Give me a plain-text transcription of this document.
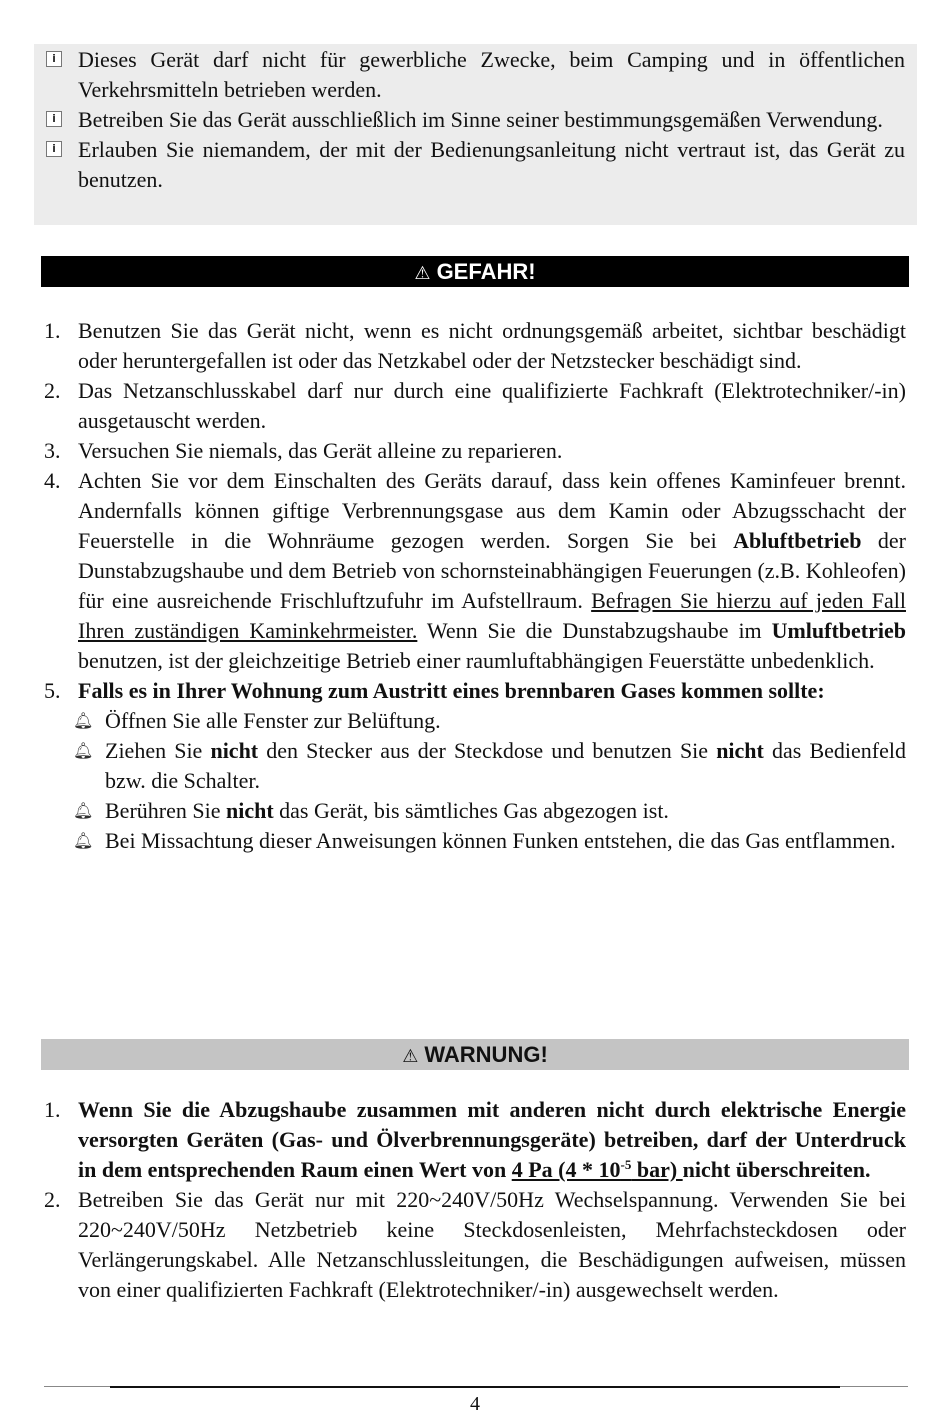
i Dieses Gerät darf nicht für gewerbliche Zwecke, beim Camping und in öffentlichen Verkehrsmitteln betrieben werden.
i Betreiben Sie das Gerät ausschließlich im Sinne seiner bestimmungsgemäßen Verwendung.
i Erlauben Sie niemandem, der mit der Bedienungsanleitung nicht vertraut ist, das Gerät zu benutzen.
⚠ GEFAHR!
1. Benutzen Sie das Gerät nicht, wenn es nicht ordnungsgemäß arbeitet, sichtbar beschädigt oder heruntergefallen ist oder das Netzkabel oder der Netzstecker beschädigt sind.
2. Das Netzanschlusskabel darf nur durch eine qualifizierte Fachkraft (Elektrotechniker/-in) ausgetauscht werden.
3. Versuchen Sie niemals, das Gerät alleine zu reparieren.
4. Achten Sie vor dem Einschalten des Geräts darauf, dass kein offenes Kaminfeuer brennt. Andernfalls können giftige Verbrennungsgase aus dem Kamin oder Abzugsschacht der Feuerstelle in die Wohnräume gezogen werden. Sorgen Sie bei Abluftbetrieb der Dunstabzugshaube und dem Betrieb von schornsteinabhängigen Feuerungen (z.B. Kohleofen) für eine ausreichende Frischluftzufuhr im Aufstellraum. Befragen Sie hierzu auf jeden Fall Ihren zuständigen Kaminkehrmeister. Wenn Sie die Dunstabzugshaube im Umluftbetrieb benutzen, ist der gleichzeitige Betrieb einer raumluftabhängigen Feuerstätte unbedenklich.
5. Falls es in Ihrer Wohnung zum Austritt eines brennbaren Gases kommen sollte:
🔔︎ Öffnen Sie alle Fenster zur Belüftung.
🔔︎ Ziehen Sie nicht den Stecker aus der Steckdose und benutzen Sie nicht das Bedienfeld bzw. die Schalter.
🔔︎ Berühren Sie nicht das Gerät, bis sämtliches Gas abgezogen ist.
🔔︎ Bei Missachtung dieser Anweisungen können Funken entstehen, die das Gas entflammen.
⚠ WARNUNG!
1. Wenn Sie die Abzugshaube zusammen mit anderen nicht durch elektrische Energie versorgten Geräten (Gas- und Ölverbrennungsgeräte) betreiben, darf der Unterdruck in dem entsprechenden Raum einen Wert von 4 Pa ($4 * 10^{-5}$ bar) nicht überschreiten.
2. Betreiben Sie das Gerät nur mit 220~240V/50Hz Wechselspannung. Verwenden Sie bei 220~240V/50Hz Netzbetrieb keine Steckdosenleisten, Mehrfachsteckdosen oder Verlängerungskabel. Alle Netzanschlussleitungen, die Beschädigungen aufweisen, müssen von einer qualifizierten Fachkraft (Elektrotechniker/-in) ausgewechselt werden.
4
